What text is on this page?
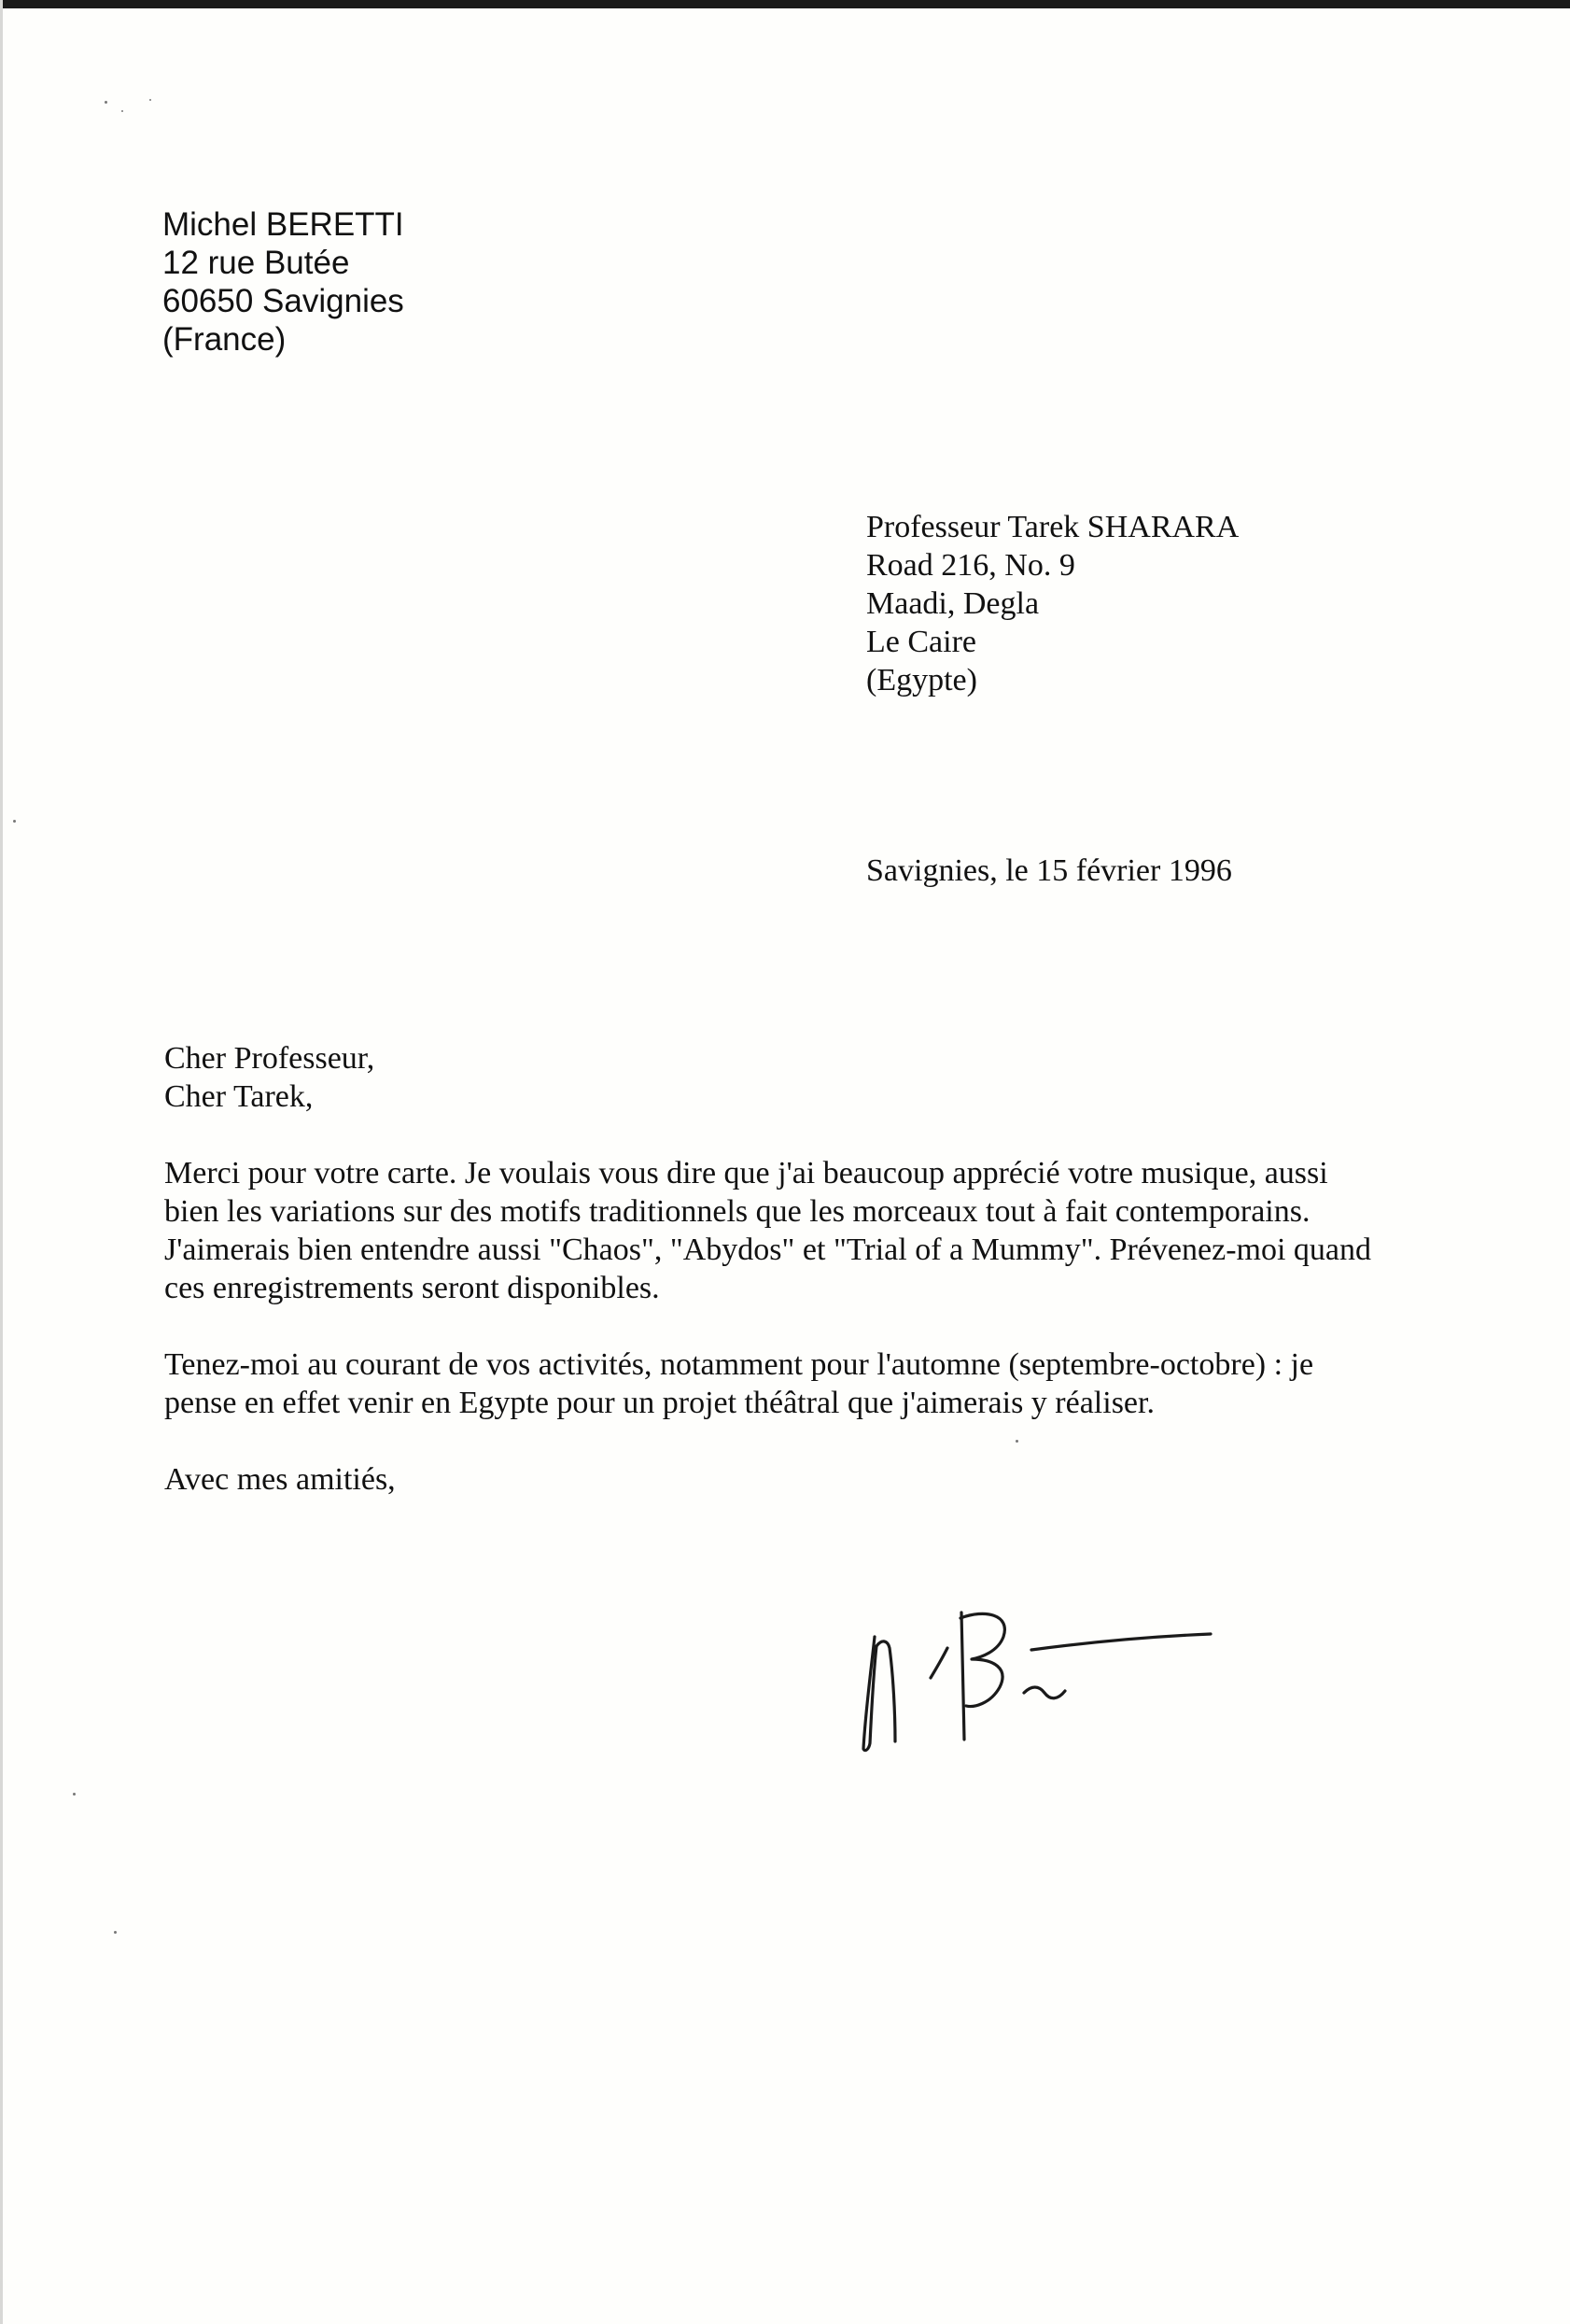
Michel BERETTI
12 rue Butée
60650 Savignies
(France)
Professeur Tarek SHARARA
Road 216, No. 9
Maadi, Degla
Le Caire
(Egypte)
Savignies, le 15 février 1996
Cher Professeur,
Cher Tarek,
Merci pour votre carte. Je voulais vous dire que j'ai beaucoup apprécié votre musique, aussi
bien les variations sur des motifs traditionnels que les morceaux tout à fait contemporains.
J'aimerais bien entendre aussi "Chaos", "Abydos" et "Trial of a Mummy". Prévenez-moi quand
ces enregistrements seront disponibles.
Tenez-moi au courant de vos activités, notamment pour l'automne (septembre-octobre) : je
pense en effet venir en Egypte pour un projet théâtral que j'aimerais y réaliser.
Avec mes amitiés,
